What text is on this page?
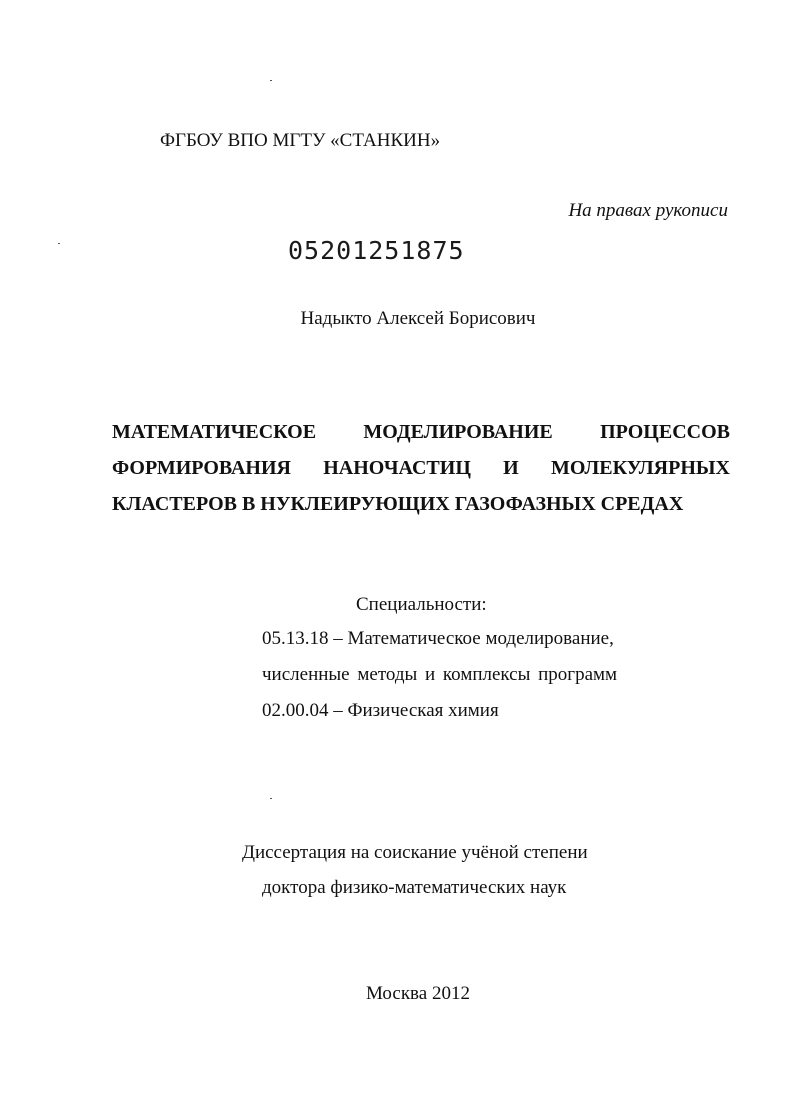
ФГБОУ ВПО МГТУ «СТАНКИН»
На правах рукописи
05201251875
Надыкто Алексей Борисович
МАТЕМАТИЧЕСКОЕ МОДЕЛИРОВАНИЕ ПРОЦЕССОВ
ФОРМИРОВАНИЯ НАНОЧАСТИЦ И МОЛЕКУЛЯРНЫХ
КЛАСТЕРОВ В НУКЛЕИРУЮЩИХ ГАЗОФАЗНЫХ СРЕДАХ
Специальности:
05.13.18 – Математическое моделирование,
численные методы и комплексы программ
02.00.04 – Физическая химия
Диссертация на соискание учёной степени
доктора физико-математических наук
Москва 2012
